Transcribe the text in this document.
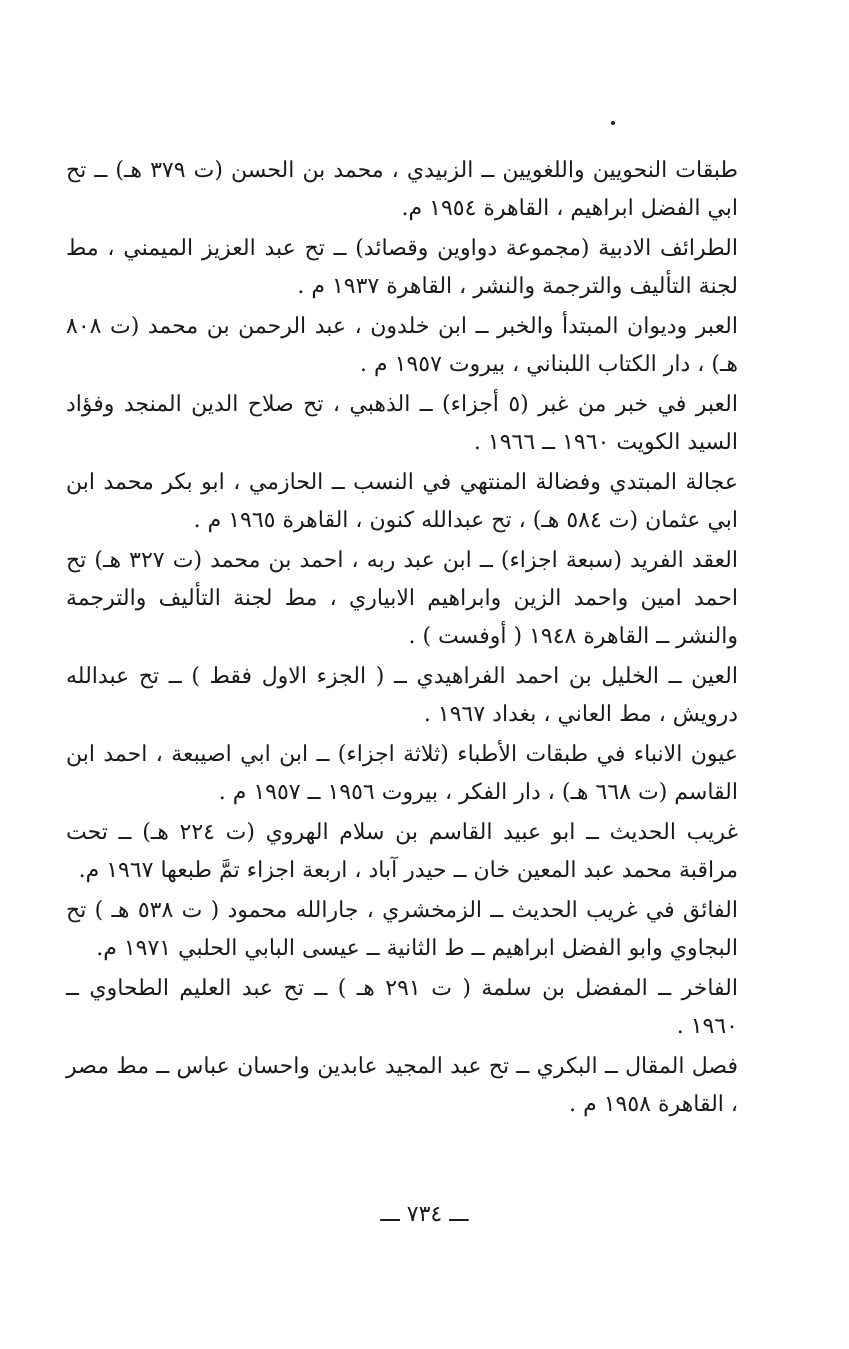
طبقات النحويين واللغويين ــ الزبيدي ، محمد بن الحسن (ت ٣٧٩ هـ) ــ تح ابي الفضل ابراهيم ، القاهرة ١٩٥٤ م.

الطرائف الادبية (مجموعة دواوين وقصائد) ــ تح عبد العزيز الميمني ، مط لجنة التأليف والترجمة والنشر ، القاهرة ١٩٣٧ م .

العبر وديوان المبتدأ والخبر ــ ابن خلدون ، عبد الرحمن بن محمد (ت ٨٠٨ هـ) ، دار الكتاب اللبناني ، بيروت ١٩٥٧ م .

العبر في خبر من غبر (٥ أجزاء) ــ الذهبي ، تح صلاح الدين المنجد وفؤاد السيد الكويت ١٩٦٠ ــ ١٩٦٦ .

عجالة المبتدي وفضالة المنتهي في النسب ــ الحازمي ، ابو بكر محمد ابن ابي عثمان (ت ٥٨٤ هـ) ، تح عبدالله كنون ، القاهرة ١٩٦٥ م .

العقد الفريد (سبعة اجزاء) ــ ابن عبد ربه ، احمد بن محمد (ت ٣٢٧ هـ) تح احمد امين واحمد الزين وابراهيم الابياري ، مط لجنة التأليف والترجمة والنشر ــ القاهرة ١٩٤٨ ( أوفست ) .

العين ــ الخليل بن احمد الفراهيدي ــ ( الجزء الاول فقط ) ــ تح عبدالله درويش ، مط العاني ، بغداد ١٩٦٧ .

عيون الانباء في طبقات الأطباء (ثلاثة اجزاء) ــ ابن ابي اصيبعة ، احمد ابن القاسم (ت ٦٦٨ هـ) ، دار الفكر ، بيروت ١٩٥٦ ــ ١٩٥٧ م .

غريب الحديث ــ ابو عبيد القاسم بن سلام الهروي (ت ٢٢٤ هـ) ــ تحت مراقبة محمد عبد المعين خان ــ حيدر آباد ، اربعة اجزاء تمَّ طبعها ١٩٦٧ م.

الفائق في غريب الحديث ــ الزمخشري ، جارالله محمود ( ت ٥٣٨ هـ ) تح البجاوي وابو الفضل ابراهيم ــ ط الثانية ــ عيسى البابي الحلبي ١٩٧١ م.

الفاخر ــ المفضل بن سلمة ( ت ٢٩١ هـ ) ــ تح عبد العليم الطحاوي ــ ١٩٦٠ .

فصل المقال ــ البكري ــ تح عبد المجيد عابدين واحسان عباس ــ مط مصر ، القاهرة ١٩٥٨ م .

ـــ ٧٣٤ ـــ
